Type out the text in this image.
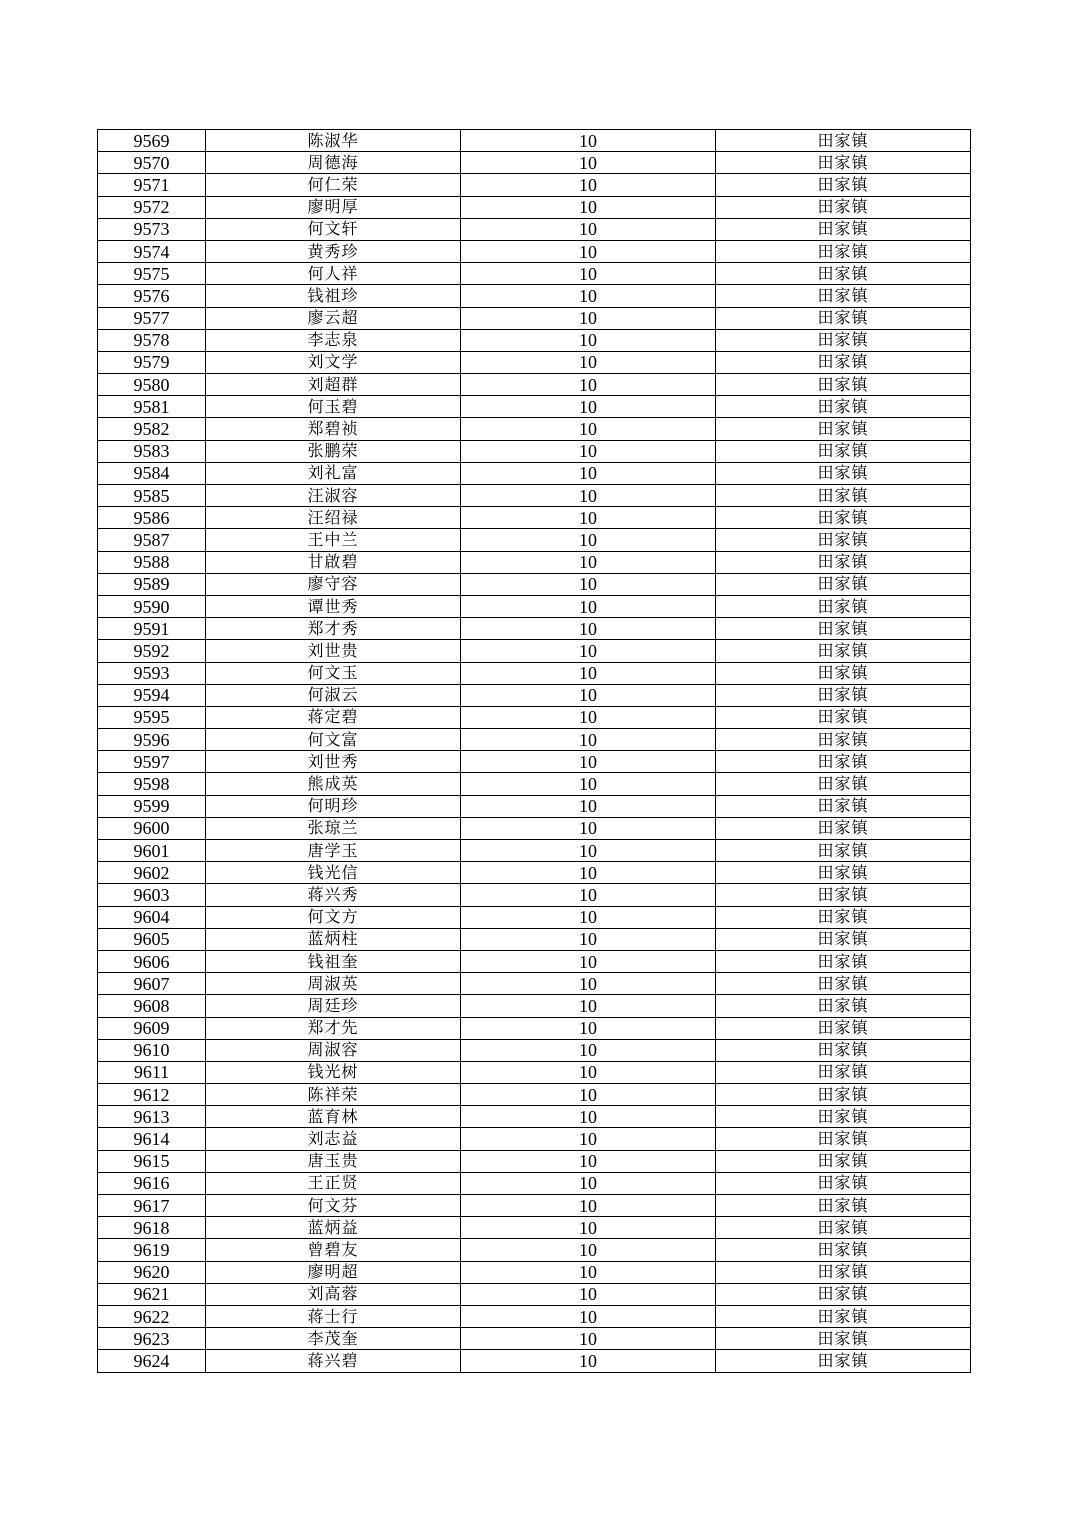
9569	陈淑华	10	田家镇
9570	周德海	10	田家镇
9571	何仁荣	10	田家镇
9572	廖明厚	10	田家镇
9573	何文轩	10	田家镇
9574	黄秀珍	10	田家镇
9575	何人祥	10	田家镇
9576	钱祖珍	10	田家镇
9577	廖云超	10	田家镇
9578	李志泉	10	田家镇
9579	刘文学	10	田家镇
9580	刘超群	10	田家镇
9581	何玉碧	10	田家镇
9582	郑碧祯	10	田家镇
9583	张鹏荣	10	田家镇
9584	刘礼富	10	田家镇
9585	汪淑容	10	田家镇
9586	汪绍禄	10	田家镇
9587	王中兰	10	田家镇
9588	甘啟碧	10	田家镇
9589	廖守容	10	田家镇
9590	谭世秀	10	田家镇
9591	郑才秀	10	田家镇
9592	刘世贵	10	田家镇
9593	何文玉	10	田家镇
9594	何淑云	10	田家镇
9595	蒋定碧	10	田家镇
9596	何文富	10	田家镇
9597	刘世秀	10	田家镇
9598	熊成英	10	田家镇
9599	何明珍	10	田家镇
9600	张琼兰	10	田家镇
9601	唐学玉	10	田家镇
9602	钱光信	10	田家镇
9603	蒋兴秀	10	田家镇
9604	何文方	10	田家镇
9605	蓝炳柱	10	田家镇
9606	钱祖奎	10	田家镇
9607	周淑英	10	田家镇
9608	周廷珍	10	田家镇
9609	郑才先	10	田家镇
9610	周淑容	10	田家镇
9611	钱光树	10	田家镇
9612	陈祥荣	10	田家镇
9613	蓝育林	10	田家镇
9614	刘志益	10	田家镇
9615	唐玉贵	10	田家镇
9616	王正贤	10	田家镇
9617	何文芬	10	田家镇
9618	蓝炳益	10	田家镇
9619	曾碧友	10	田家镇
9620	廖明超	10	田家镇
9621	刘高蓉	10	田家镇
9622	蒋士行	10	田家镇
9623	李茂奎	10	田家镇
9624	蒋兴碧	10	田家镇
